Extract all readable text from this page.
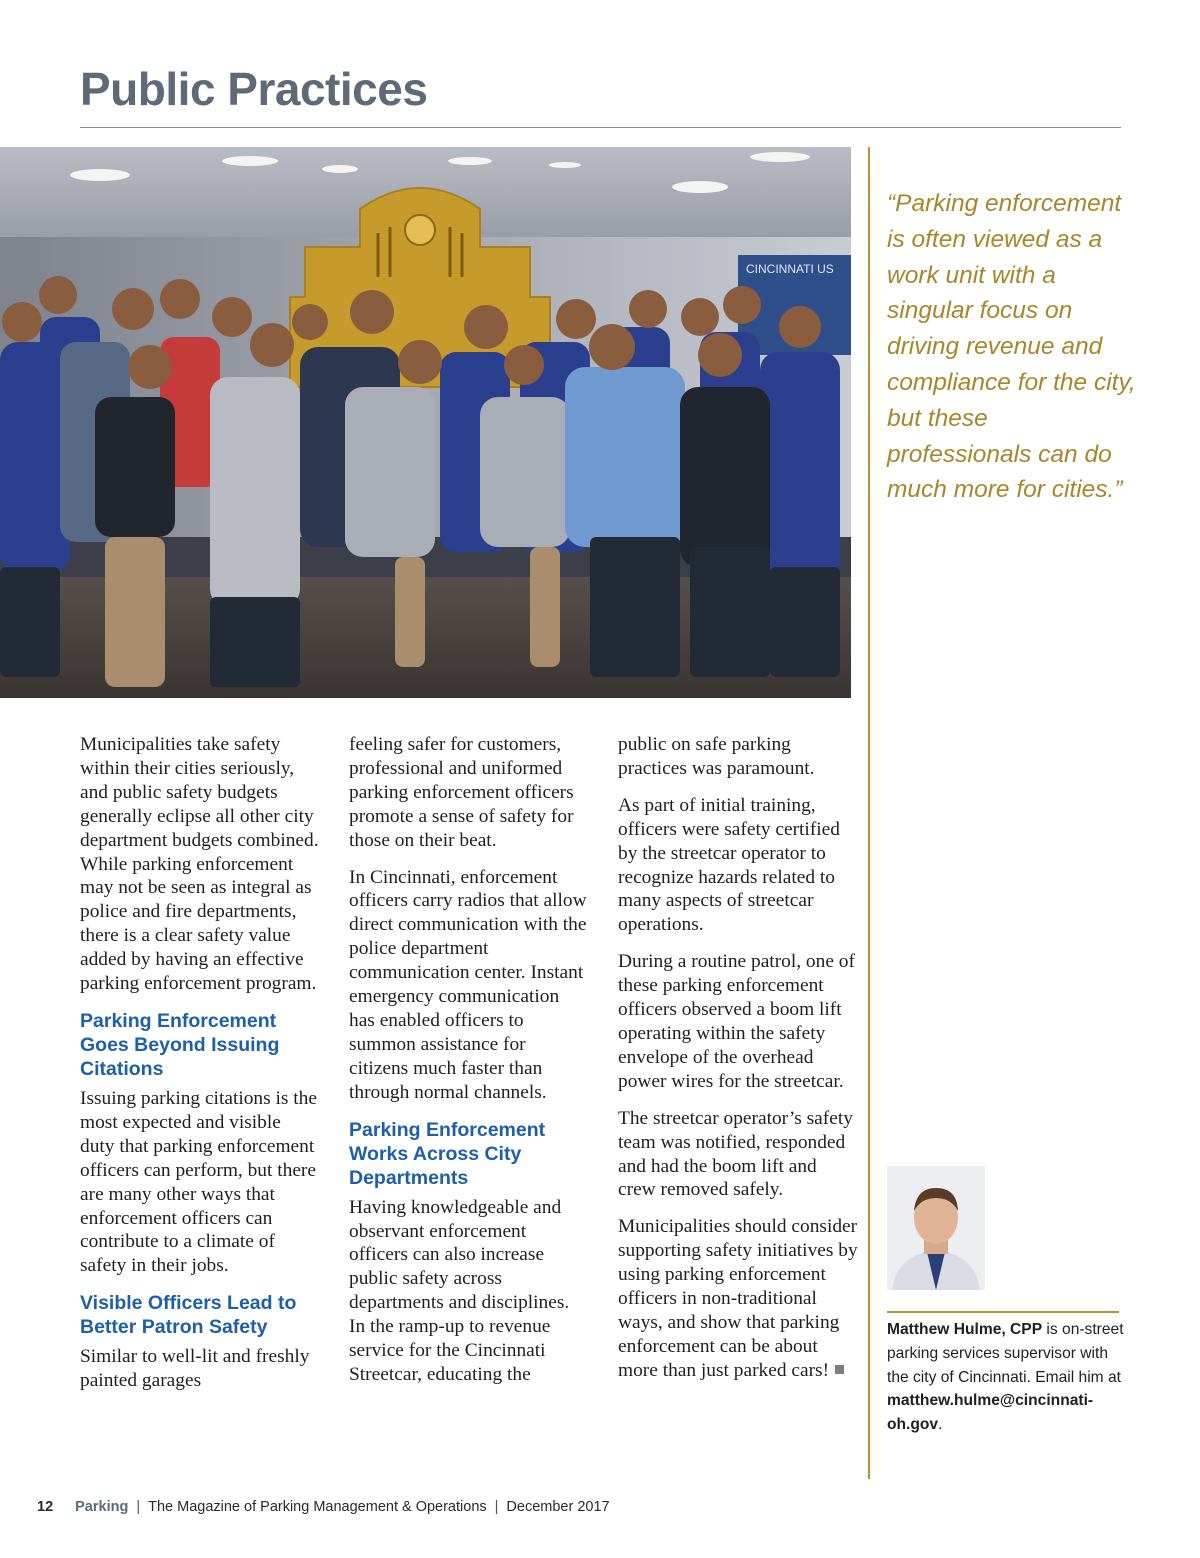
Public Practices
CINCINNATI US

“Parking enforcement is often viewed as a work unit with a singular focus on driving revenue and compliance for the city, but these professionals can do much more for cities.”

Municipalities take safety within their cities seriously, and public safety budgets generally eclipse all other city department budgets combined. While parking enforcement may not be seen as integral as police and fire departments, there is a clear safety value added by having an effective parking enforcement program.

Parking Enforcement Goes Beyond Issuing Citations

Issuing parking citations is the most expected and visible duty that parking enforcement officers can perform, but there are many other ways that enforcement officers can contribute to a climate of safety in their jobs.

Visible Officers Lead to Better Patron Safety

Similar to well-lit and freshly painted garages

feeling safer for customers, professional and uniformed parking enforcement officers promote a sense of safety for those on their beat.

In Cincinnati, enforcement officers carry radios that allow direct communication with the police department communication center. Instant emergency communication has enabled officers to summon assistance for citizens much faster than through normal channels.

Parking Enforcement Works Across City Departments

Having knowledgeable and observant enforcement officers can also increase public safety across departments and disciplines. In the ramp-up to revenue service for the Cincinnati Streetcar, educating the

public on safe parking practices was paramount.

As part of initial training, officers were safety certified by the streetcar operator to recognize hazards related to many aspects of streetcar operations.

During a routine patrol, one of these parking enforcement officers observed a boom lift operating within the safety envelope of the overhead power wires for the streetcar.

The streetcar operator’s safety team was notified, responded and had the boom lift and crew removed safely.

Municipalities should consider supporting safety initiatives by using parking enforcement officers in non-traditional ways, and show that parking enforcement can be about more than just parked cars!

Matthew Hulme, CPP is on-street parking services supervisor with the city of Cincinnati. Email him at matthew.hulme@cincinnati-oh.gov.

12 Parking | The Magazine of Parking Management & Operations | December 2017
